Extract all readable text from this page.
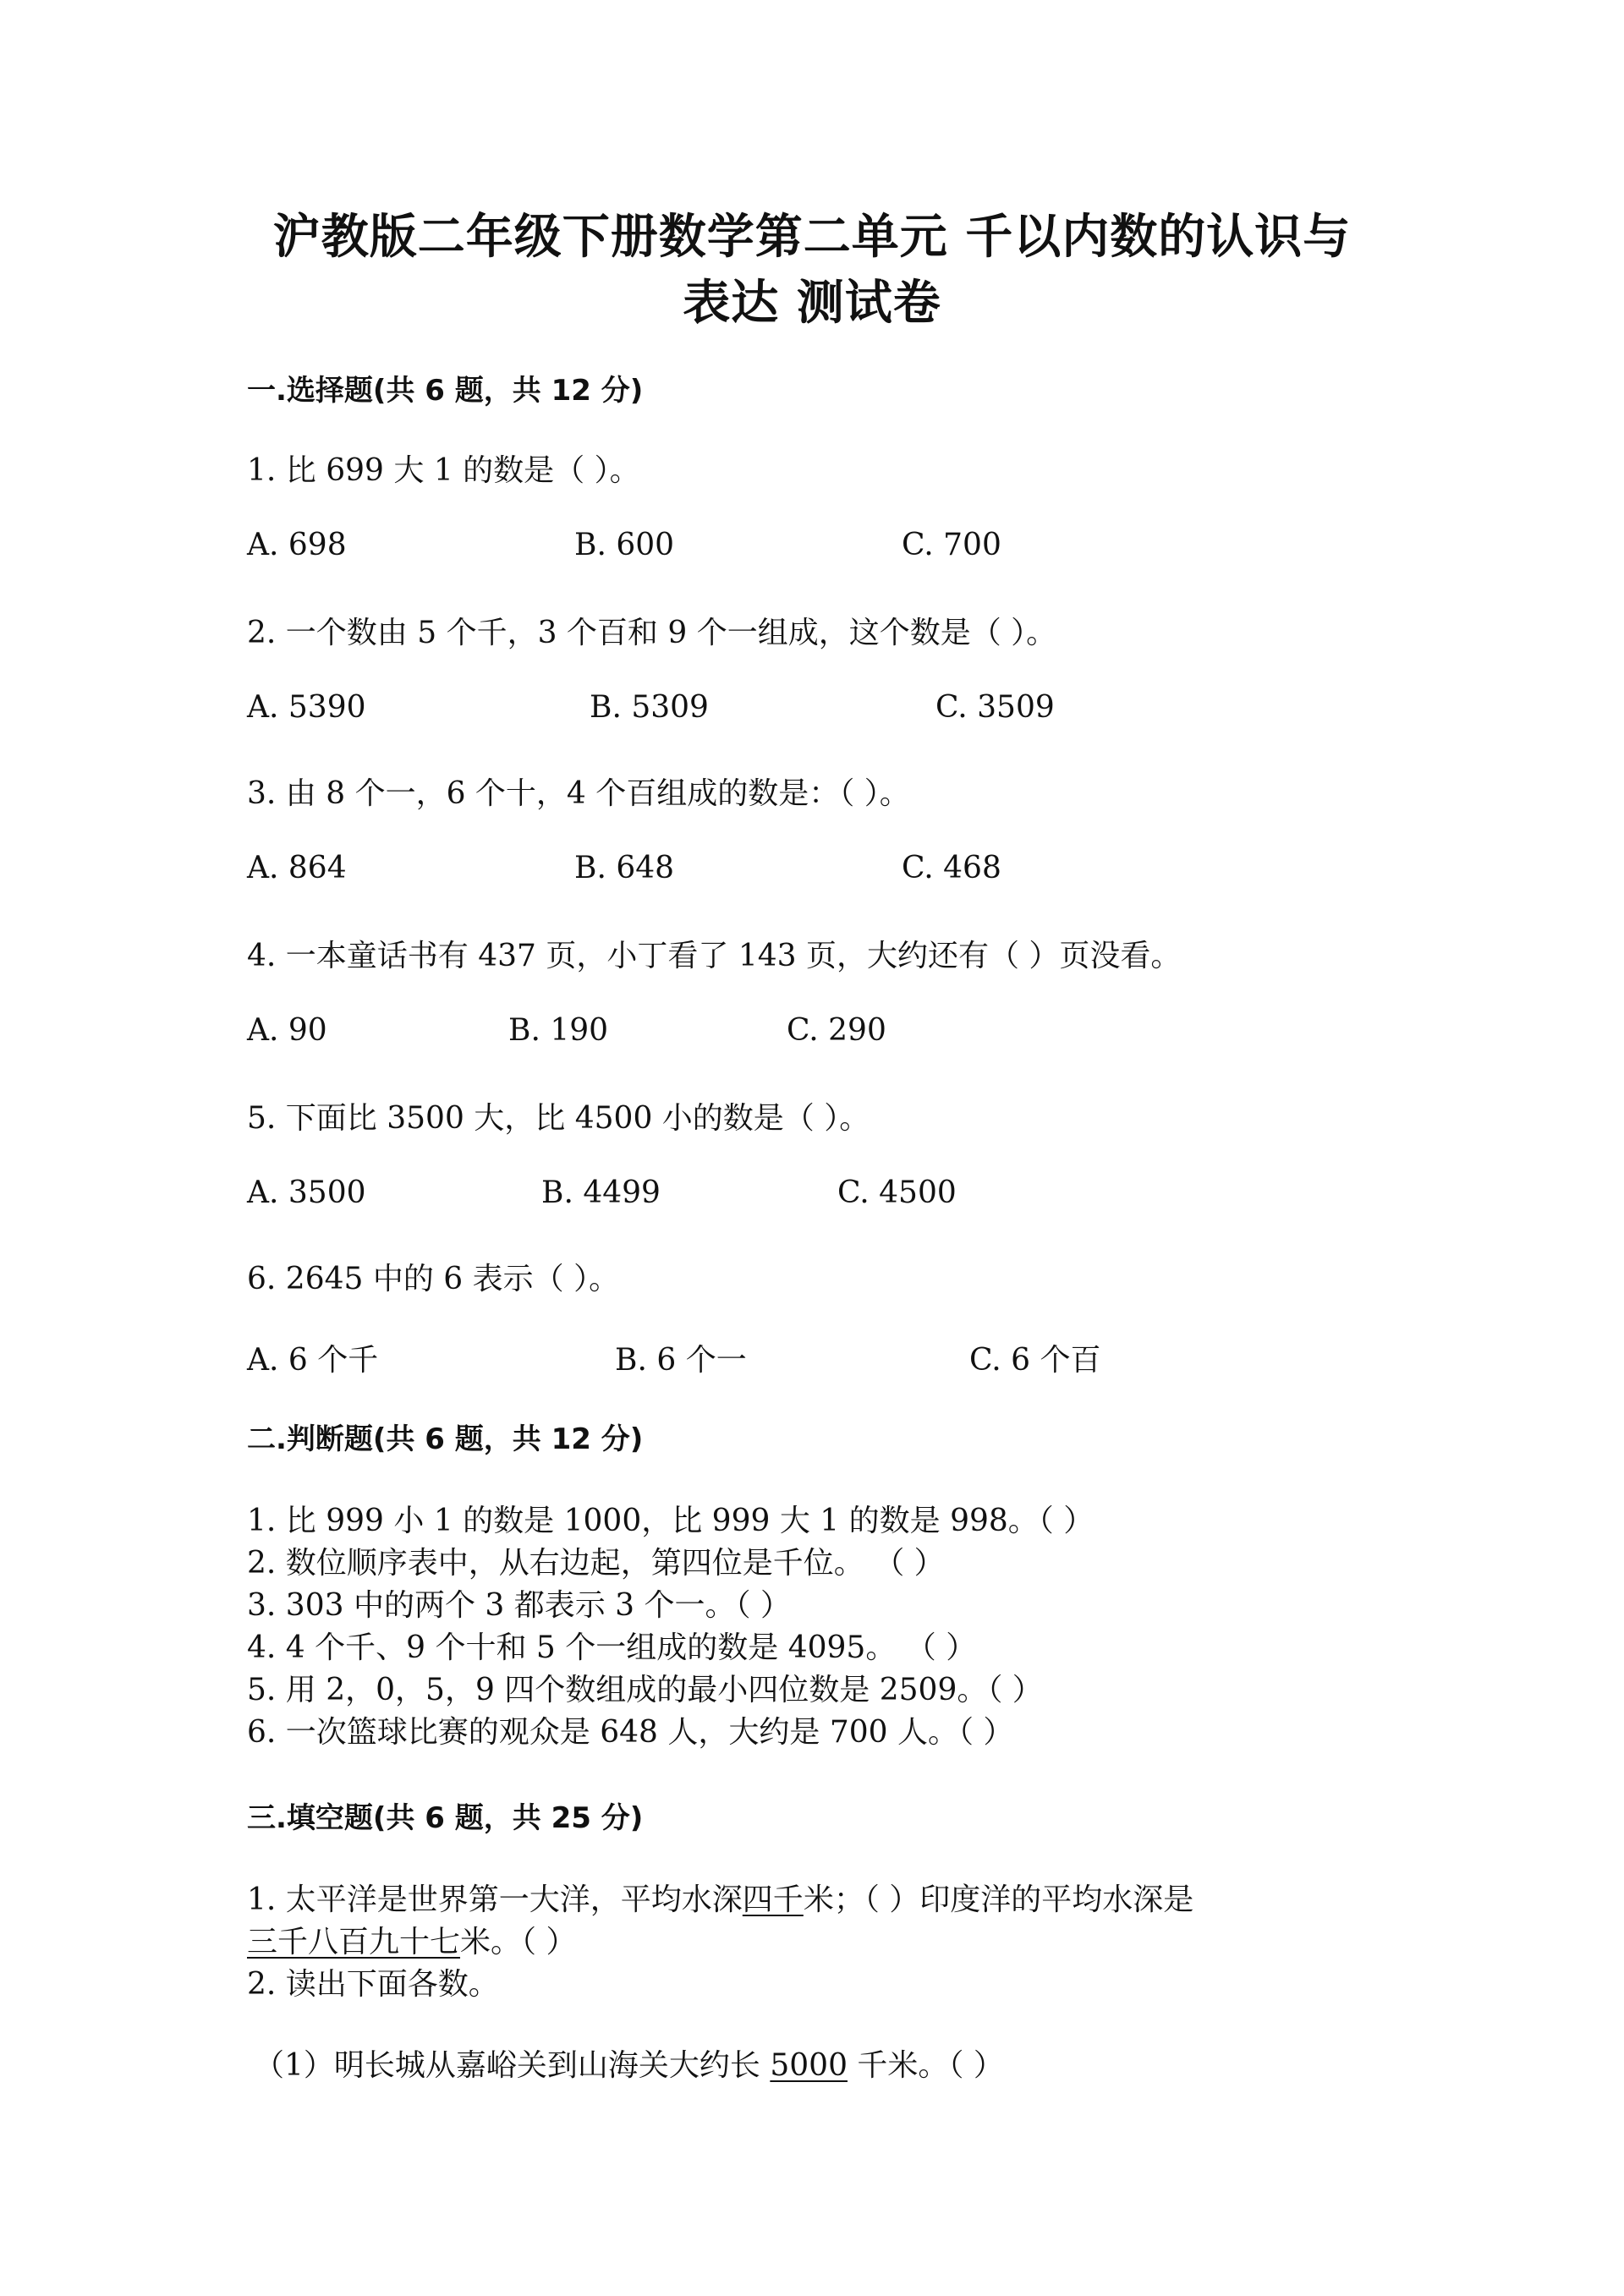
沪教版二年级下册数学第二单元 千以内数的认识与
表达 测试卷
一.选择题(共 6 题，共 12 分)
1. 比 699 大 1 的数是（ ）。
A. 698	B. 600	C. 700
2. 一个数由 5 个千，3 个百和 9 个一组成，这个数是（ ）。
A. 5390	B. 5309	C. 3509
3. 由 8 个一，6 个十，4 个百组成的数是：（ ）。
A. 864	B. 648	C. 468
4. 一本童话书有 437 页，小丁看了 143 页，大约还有（ ）页没看。
A. 90	B. 190	C. 290
5. 下面比 3500 大，比 4500 小的数是（ ）。
A. 3500	B. 4499	C. 4500
6. 2645 中的 6 表示（ ）。
A. 6 个千	B. 6 个一	C. 6 个百
二.判断题(共 6 题，共 12 分)
1. 比 999 小 1 的数是 1000，比 999 大 1 的数是 998。（ ）
2. 数位顺序表中，从右边起，第四位是千位。 （ ）
3. 303 中的两个 3 都表示 3 个一。（ ）
4. 4 个千、9 个十和 5 个一组成的数是 4095。 （ ）
5. 用 2，0，5，9 四个数组成的最小四位数是 2509。（ ）
6. 一次篮球比赛的观众是 648 人，大约是 700 人。（ ）
三.填空题(共 6 题，共 25 分)
1. 太平洋是世界第一大洋，平均水深四千米；（ ）印度洋的平均水深是
三千八百九十七米。（ ）
2. 读出下面各数。
（1）明长城从嘉峪关到山海关大约长 5000 千米。（ ）
